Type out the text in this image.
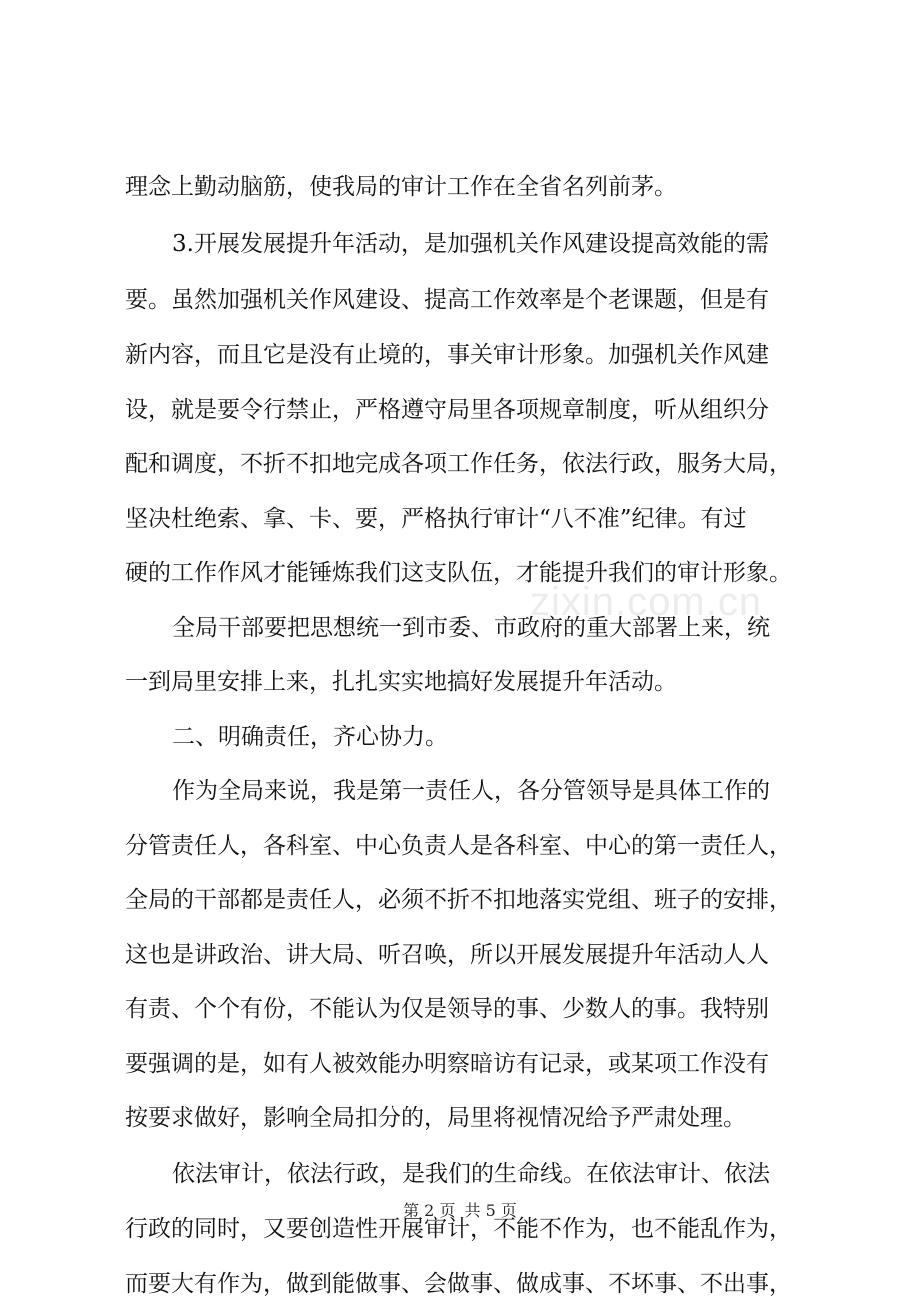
理念上勤动脑筋，使我局的审计工作在全省名列前茅。
3.开展发展提升年活动，是加强机关作风建设提高效能的需
要。虽然加强机关作风建设、提高工作效率是个老课题，但是有
新内容，而且它是没有止境的，事关审计形象。加强机关作风建
设，就是要令行禁止，严格遵守局里各项规章制度，听从组织分
配和调度，不折不扣地完成各项工作任务，依法行政，服务大局，
坚决杜绝索、拿、卡、要，严格执行审计“八不准”纪律。有过
硬的工作作风才能锤炼我们这支队伍，才能提升我们的审计形象。
全局干部要把思想统一到市委、市政府的重大部署上来，统
一到局里安排上来，扎扎实实地搞好发展提升年活动。
二、明确责任，齐心协力。
作为全局来说，我是第一责任人，各分管领导是具体工作的
分管责任人，各科室、中心负责人是各科室、中心的第一责任人，
全局的干部都是责任人，必须不折不扣地落实党组、班子的安排，
这也是讲政治、讲大局、听召唤，所以开展发展提升年活动人人
有责、个个有份，不能认为仅是领导的事、少数人的事。我特别
要强调的是，如有人被效能办明察暗访有记录，或某项工作没有
按要求做好，影响全局扣分的，局里将视情况给予严肃处理。
依法审计，依法行政，是我们的生命线。在依法审计、依法
行政的同时，又要创造性开展审计，不能不作为，也不能乱作为，
而要大有作为，做到能做事、会做事、做成事、不坏事、不出事，
zixin.com.cn
第 2 页 共 5 页
